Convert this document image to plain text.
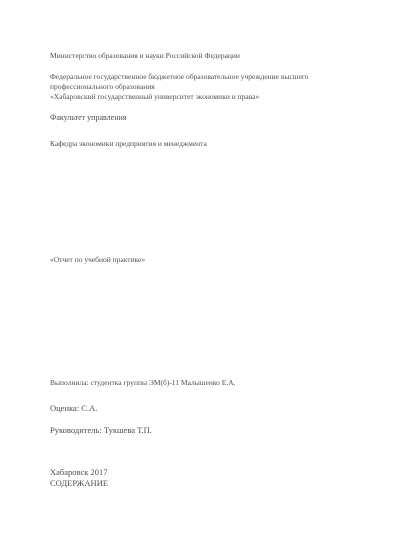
Министерство образования и науки Российской Федерации
Федеральное государственное бюджетное образовательное учреждение высшего
профессионального образования
«Хабаровский государственный университет экономики и права»
Факультет управления
Кафедра экономики предприятия и менеджмента
«Отчет по учебной практике»
Выполнила: студентка группы ЭМ(б)-11 Малышенко Е.А.
Оценка: С.А.
Руководитель: Тукшева Т.П.
Хабаровск 2017
СОДЕРЖАНИЕ
